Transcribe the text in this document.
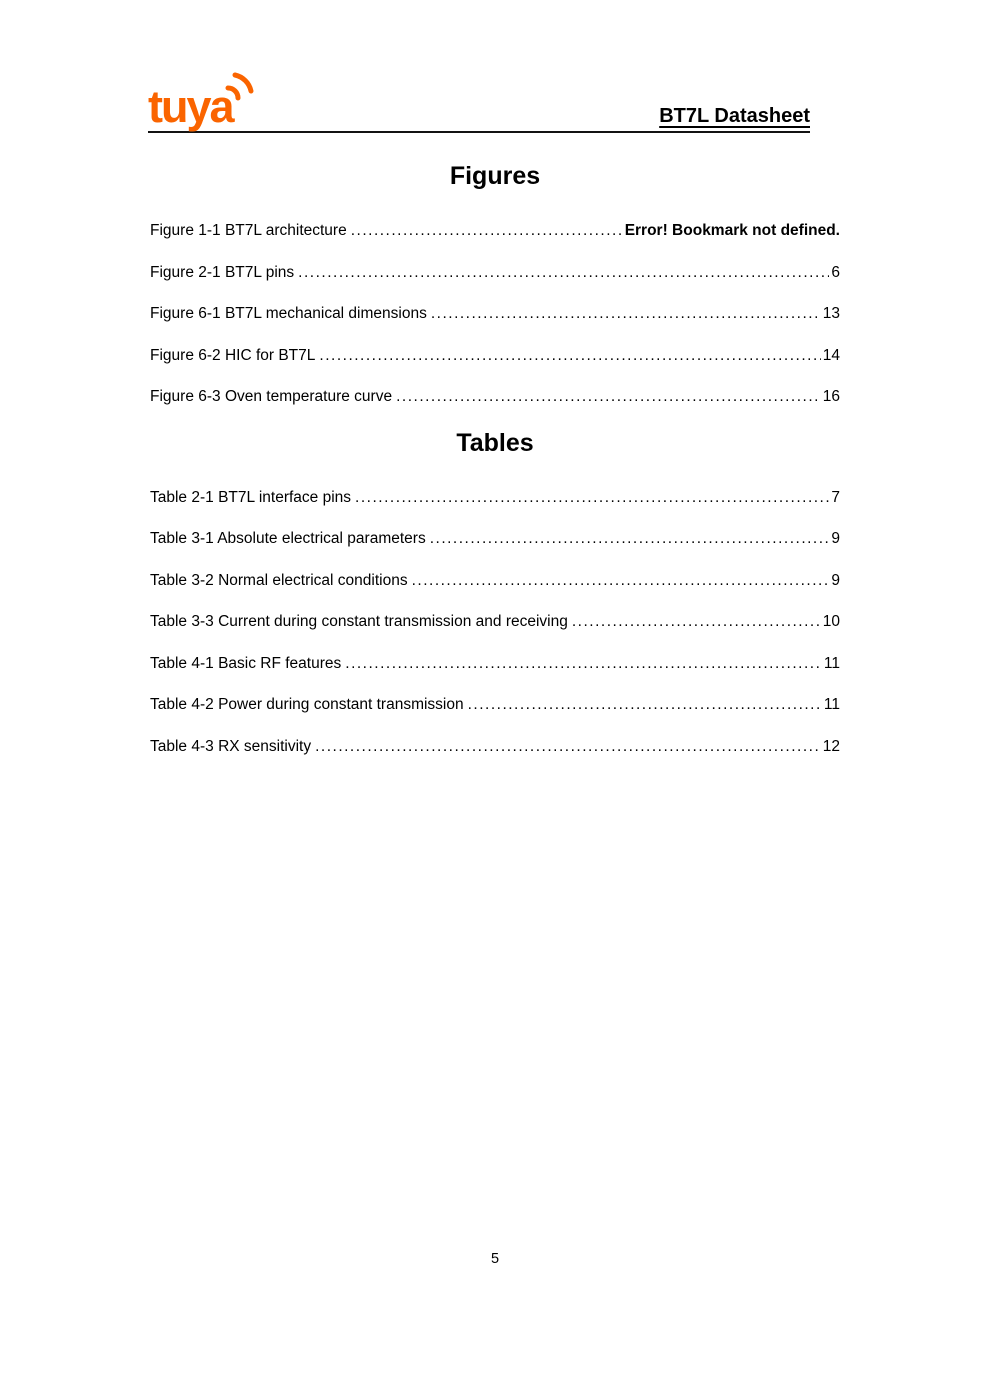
tuya	BT7L Datasheet
Figures
Figure 1-1 BT7L architecture .....	Error! Bookmark not defined.
Figure 2-1 BT7L pins .....	6
Figure 6-1 BT7L mechanical dimensions .....	13
Figure 6-2 HIC for BT7L .....	14
Figure 6-3 Oven temperature curve .....	16
Tables
Table 2-1 BT7L interface pins .....	7
Table 3-1 Absolute electrical parameters .....	9
Table 3-2 Normal electrical conditions .....	9
Table 3-3 Current during constant transmission and receiving .....	10
Table 4-1 Basic RF features .....	11
Table 4-2 Power during constant transmission .....	11
Table 4-3 RX sensitivity .....	12
5
